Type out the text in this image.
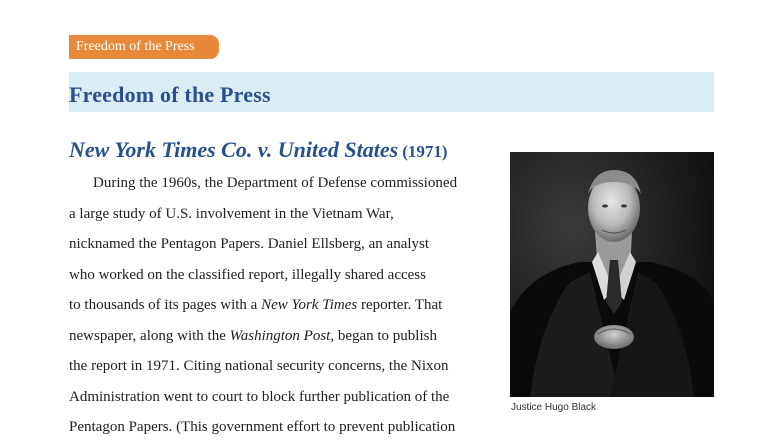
Freedom of the Press
Freedom of the Press
New York Times Co. v. United States (1971)
During the 1960s, the Department of Defense commissioned
a large study of U.S. involvement in the Vietnam War,
nicknamed the Pentagon Papers. Daniel Ellsberg, an analyst
who worked on the classified report, illegally shared access
to thousands of its pages with a New York Times reporter. That
newspaper, along with the Washington Post, began to publish
the report in 1971. Citing national security concerns, the Nixon
Administration went to court to block further publication of the
Pentagon Papers. (This government effort to prevent publication
Justice Hugo Black
